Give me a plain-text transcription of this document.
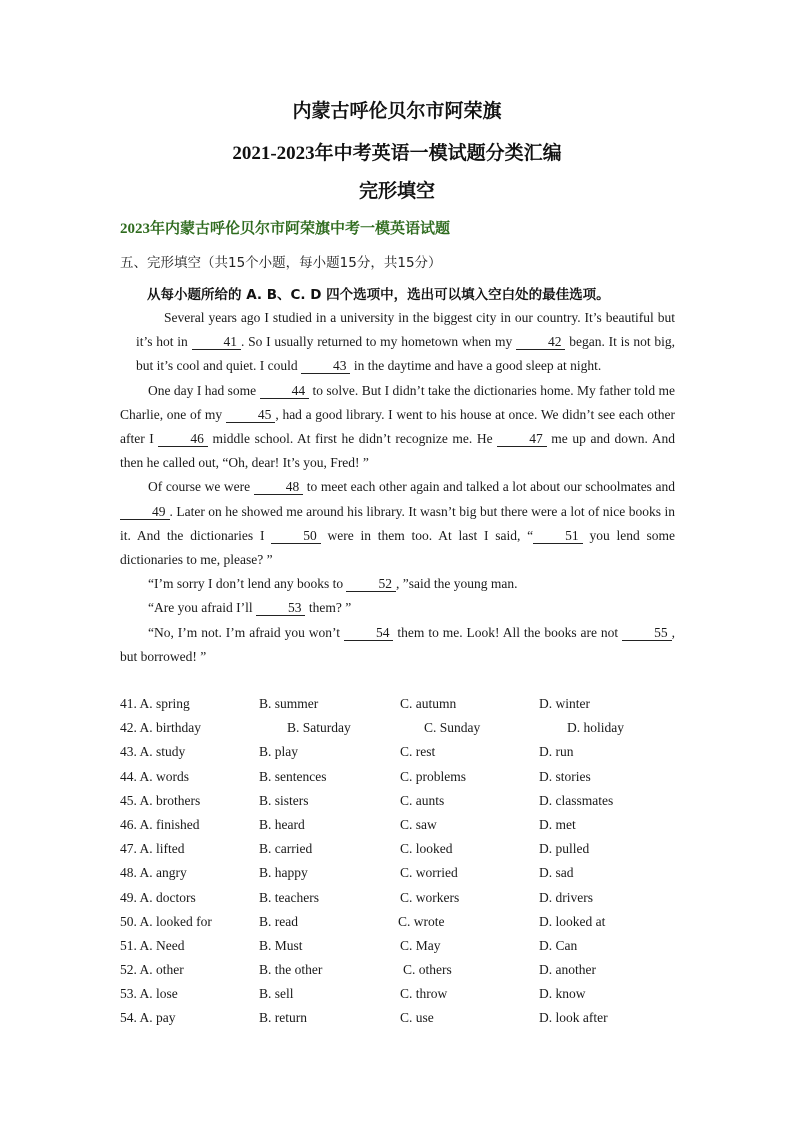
内蒙古呼伦贝尔市阿荣旗
2021-2023年中考英语一模试题分类汇编
完形填空
2023年内蒙古呼伦贝尔市阿荣旗中考一模英语试题
五、完形填空（共15个小题，每小题15分，共15分）
从每小题所给的 A. B、C. D 四个选项中，选出可以填入空白处的最佳选项。

Several years ago I studied in a university in the biggest city in our country. It’s beautiful but it’s hot in 41 . So I usually returned to my hometown when my 42 began. It is not big, but it’s cool and quiet. I could 43 in the daytime and have a good sleep at night.

One day I had some 44 to solve. But I didn’t take the dictionaries home. My father told me Charlie, one of my 45 , had a good library. I went to his house at once. We didn’t see each other after I 46 middle school. At first he didn’t recognize me. He 47 me up and down. And then he called out, “Oh, dear! It’s you, Fred! ”

Of course we were 48 to meet each other again and talked a lot about our schoolmates and 49 . Later on he showed me around his library. It wasn’t big but there were a lot of nice books in it. And the dictionaries I 50 were in them too. At last I said, “ 51 you lend some dictionaries to me, please? ”

“I’m sorry I don’t lend any books to 52 , ”said the young man.

“Are you afraid I’ll 53 them? ”

“No, I’m not. I’m afraid you won’t 54 them to me. Look! All the books are not 55 , but borrowed! ”

41. A. spring	B. summer	C. autumn	D. winter
42. A. birthday	B. Saturday	C. Sunday	D. holiday
43. A. study	B. play	C. rest	D. run
44. A. words	B. sentences	C. problems	D. stories
45. A. brothers	B. sisters	C. aunts	D. classmates
46. A. finished	B. heard	C. saw	D. met
47. A. lifted	B. carried	C. looked	D. pulled
48. A. angry	B. happy	C. worried	D. sad
49. A. doctors	B. teachers	C. workers	D. drivers
50. A. looked for	B. read	C. wrote	D. looked at
51. A. Need	B. Must	C. May	D. Can
52. A. other	B. the other	C. others	D. another
53. A. lose	B. sell	C. throw	D. know
54. A. pay	B. return	C. use	D. look after
